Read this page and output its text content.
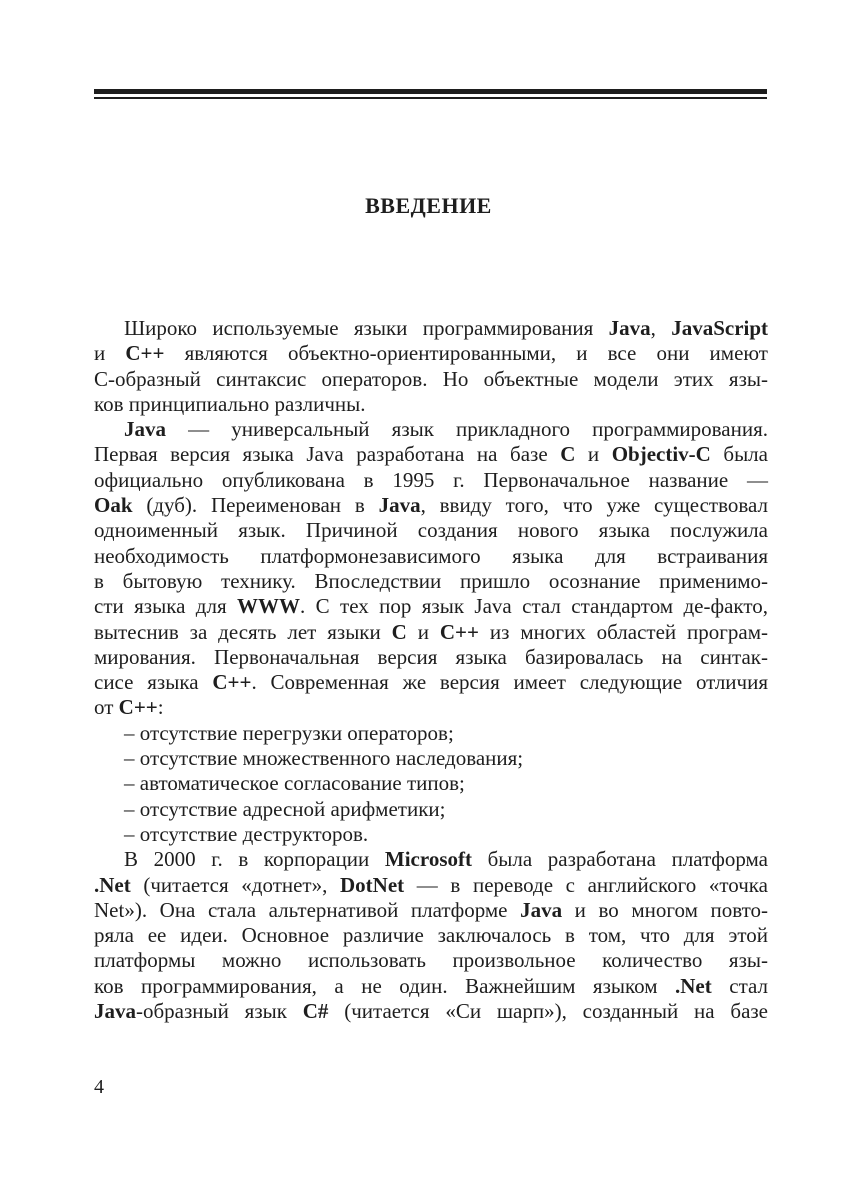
ВВЕДЕНИЕ
Широко используемые языки программирования Java, JavaScript
и C++ являются объектно-ориентированными, и все они имеют
С-образный синтаксис операторов. Но объектные модели этих язы-
ков принципиально различны.
Java — универсальный язык прикладного программирования.
Первая версия языка Java разработана на базе C и Objectiv-C была
официально опубликована в 1995 г. Первоначальное название —
Oak (дуб). Переименован в Java, ввиду того, что уже существовал
одноименный язык. Причиной создания нового языка послужила
необходимость платформонезависимого языка для встраивания
в бытовую технику. Впоследствии пришло осознание применимо-
сти языка для WWW. С тех пор язык Java стал стандартом де-факто,
вытеснив за десять лет языки C и C++ из многих областей програм-
мирования. Первоначальная версия языка базировалась на синтак-
сисе языка C++. Современная же версия имеет следующие отличия
от C++:
– отсутствие перегрузки операторов;
– отсутствие множественного наследования;
– автоматическое согласование типов;
– отсутствие адресной арифметики;
– отсутствие деструкторов.
В 2000 г. в корпорации Microsoft была разработана платформа
.Net (читается «дотнет», DotNet — в переводе с английского «точка
Net»). Она стала альтернативой платформе Java и во многом повто-
ряла ее идеи. Основное различие заключалось в том, что для этой
платформы можно использовать произвольное количество язы-
ков программирования, а не один. Важнейшим языком .Net стал
Java-образный язык C# (читается «Си шарп»), созданный на базе
4
